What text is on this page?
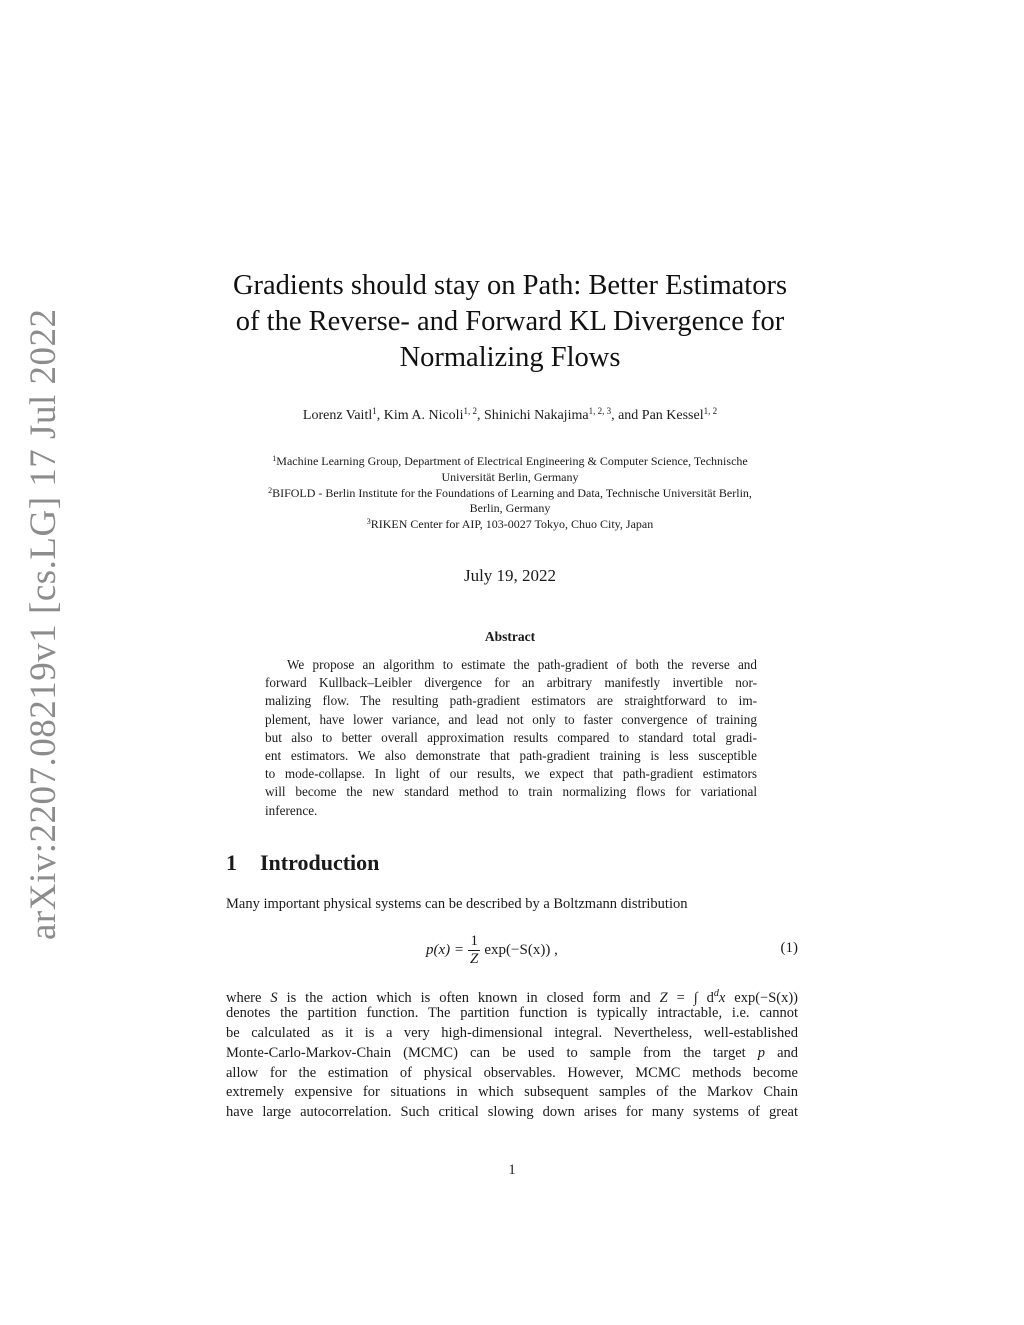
arXiv:2207.08219v1 [cs.LG] 17 Jul 2022
Gradients should stay on Path: Better Estimators
of the Reverse- and Forward KL Divergence for
Normalizing Flows
Lorenz Vaitl$^1$, Kim A. Nicoli$^{1, 2}$, Shinichi Nakajima$^{1, 2, 3}$, and Pan Kessel$^{1, 2}$
$^1$Machine Learning Group, Department of Electrical Engineering & Computer Science, Technische
Universität Berlin, Germany
$^2$BIFOLD - Berlin Institute for the Foundations of Learning and Data, Technische Universität Berlin,
Berlin, Germany
$^3$RIKEN Center for AIP, 103-0027 Tokyo, Chuo City, Japan
July 19, 2022
Abstract
We propose an algorithm to estimate the path-gradient of both the reverse and
forward Kullback–Leibler divergence for an arbitrary manifestly invertible nor-
malizing flow. The resulting path-gradient estimators are straightforward to im-
plement, have lower variance, and lead not only to faster convergence of training
but also to better overall approximation results compared to standard total gradi-
ent estimators. We also demonstrate that path-gradient training is less susceptible
to mode-collapse. In light of our results, we expect that path-gradient estimators
will become the new standard method to train normalizing flows for variational
inference.
1 Introduction
Many important physical systems can be described by a Boltzmann distribution
$p(x) = \frac{1}{Z} \exp(-S(x))$ ,	(1)
where S is the action which is often known in closed form and Z = ∫ $d^dx$ exp(−S(x))
denotes the partition function. The partition function is typically intractable, i.e. cannot
be calculated as it is a very high-dimensional integral. Nevertheless, well-established
Monte-Carlo-Markov-Chain (MCMC) can be used to sample from the target p and
allow for the estimation of physical observables. However, MCMC methods become
extremely expensive for situations in which subsequent samples of the Markov Chain
have large autocorrelation. Such critical slowing down arises for many systems of great
1
